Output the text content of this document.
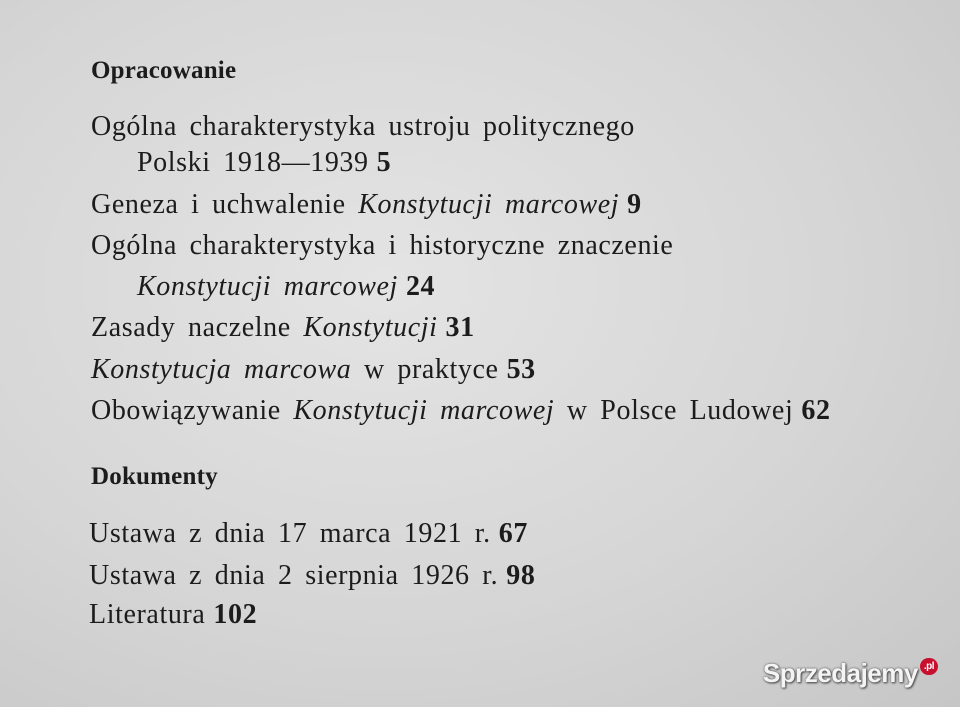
Opracowanie
Ogólna charakterystyka ustroju politycznego
Polski 1918—1939 5
Geneza i uchwalenie Konstytucji marcowej 9
Ogólna charakterystyka i historyczne znaczenie
Konstytucji marcowej 24
Zasady naczelne Konstytucji 31
Konstytucja marcowa w praktyce 53
Obowiązywanie Konstytucji marcowej w Polsce Ludowej 62
Dokumenty
Ustawa z dnia 17 marca 1921 r. 67
Ustawa z dnia 2 sierpnia 1926 r. 98
Literatura 102
Sprzedajemy .pl
